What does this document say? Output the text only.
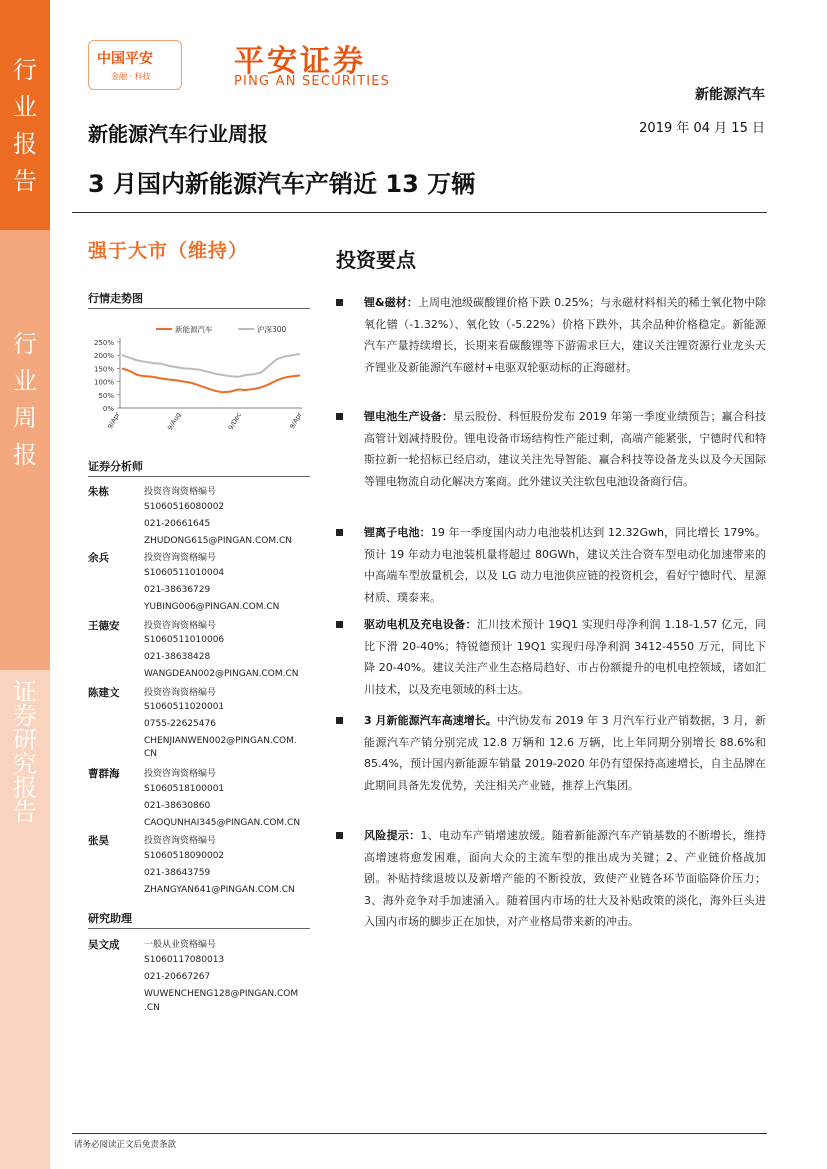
行
业
报
告
行
业
周
报
证
券
研
究
报
告
中国平安
金融 · 科技	平安证券
PING AN SECURITIES
新能源汽车
2019 年 04 月 15 日
新能源汽车行业周报
3 月国内新能源汽车产销近 13 万辆
强于大市（维持）
行情走势图
250%
200%
150%
100%
50%
0%
9/Apr	9/Aug	9/Dec	9/Apr
新能源汽车	沪深300
证券分析师
朱栋	投资咨询资格编号
S1060516080002
021-20661645
ZHUDONG615@PINGAN.COM.CN
余兵	投资咨询资格编号
S1060511010004
021-38636729
YUBING006@PINGAN.COM.CN
王德安	投资咨询资格编号
S1060511010006
021-38638428
WANGDEAN002@PINGAN.COM.CN
陈建文	投资咨询资格编号
S1060511020001
0755-22625476
CHENJIANWEN002@PINGAN.COM.
CN
曹群海	投资咨询资格编号
S1060518100001
021-38630860
CAOQUNHAI345@PINGAN.COM.CN
张昊	投资咨询资格编号
S1060518090002
021-38643759
ZHANGYAN641@PINGAN.COM.CN
研究助理
吴文成	一般从业资格编号
S1060117080013
021-20667267
WUWENCHENG128@PINGAN.COM
.CN
投资要点
锂&磁材：上周电池级碳酸锂价格下跌 0.25%；与永磁材料相关的稀土氧化物中除氧化镨（-1.32%）、氧化钕（-5.22%）价格下跌外，其余品种价格稳定。新能源汽车产量持续增长，长期来看碳酸锂等下游需求巨大，建议关注锂资源行业龙头天齐锂业及新能源汽车磁材+电驱双轮驱动标的正海磁材。
锂电池生产设备：星云股份、科恒股份发布 2019 年第一季度业绩预告；赢合科技高管计划减持股份。锂电设备市场结构性产能过剩，高端产能紧张，宁德时代和特斯拉新一轮招标已经启动，建议关注先导智能、赢合科技等设备龙头以及今天国际等锂电物流自动化解决方案商。此外建议关注软包电池设备商行信。
锂离子电池：19 年一季度国内动力电池装机达到 12.32Gwh，同比增长 179%。预计 19 年动力电池装机量将超过 80GWh，建议关注合资车型电动化加速带来的中高端车型放量机会，以及 LG 动力电池供应链的投资机会，看好宁德时代、星源材质、璞泰来。
驱动电机及充电设备：汇川技术预计 19Q1 实现归母净利润 1.18-1.57 亿元，同比下滑 20-40%；特锐德预计 19Q1 实现归母净利润 3412-4550 万元，同比下降 20-40%。建议关注产业生态格局趋好、市占份额提升的电机电控领域，诸如汇川技术，以及充电领域的科士达。
3 月新能源汽车高速增长。中汽协发布 2019 年 3 月汽车行业产销数据，3 月，新能源汽车产销分别完成 12.8 万辆和 12.6 万辆，比上年同期分别增长 88.6%和 85.4%，预计国内新能源车销量 2019-2020 年仍有望保持高速增长，自主品牌在此期间具备先发优势，关注相关产业链，推荐上汽集团。
风险提示：1、电动车产销增速放缓。随着新能源汽车产销基数的不断增长，维持高增速将愈发困难，面向大众的主流车型的推出成为关键；2、产业链价格战加剧。补贴持续退坡以及新增产能的不断投放，致使产业链各环节面临降价压力；3、海外竞争对手加速涌入。随着国内市场的壮大及补贴政策的淡化，海外巨头进入国内市场的脚步正在加快，对产业格局带来新的冲击。
请务必阅读正文后免责条款
